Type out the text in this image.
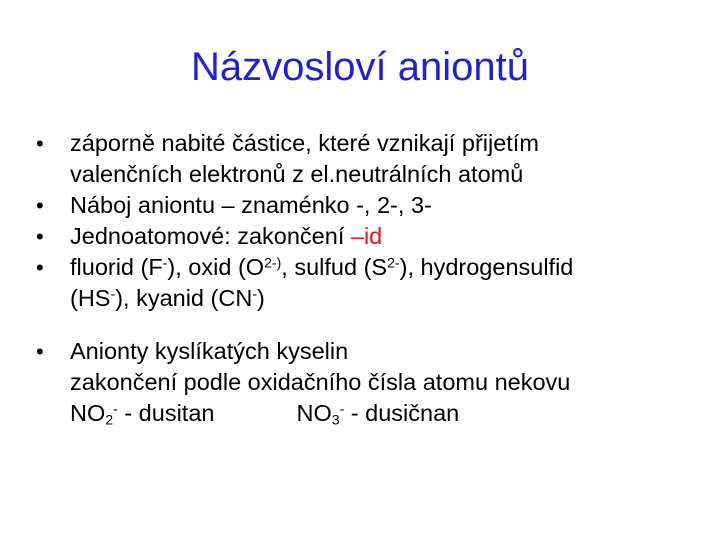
Názvosloví aniontů
• záporně nabité částice, které vznikají přijetím
valenčních elektronů z el.neutrálních atomů
• Náboj aniontu – znaménko -, 2-, 3-
• Jednoatomové: zakončení –id
• fluorid (F-), oxid ($O^{2-)}$, sulfud $(S^{2-})$, hydrogensulfid
(HS-), kyanid (CN-)
• Anionty kyslíkatých kyselin
zakončení podle oxidačního čísla atomu nekovu
$NO_2^-$ - dusitan	$NO_3^-$ - dusičnan
